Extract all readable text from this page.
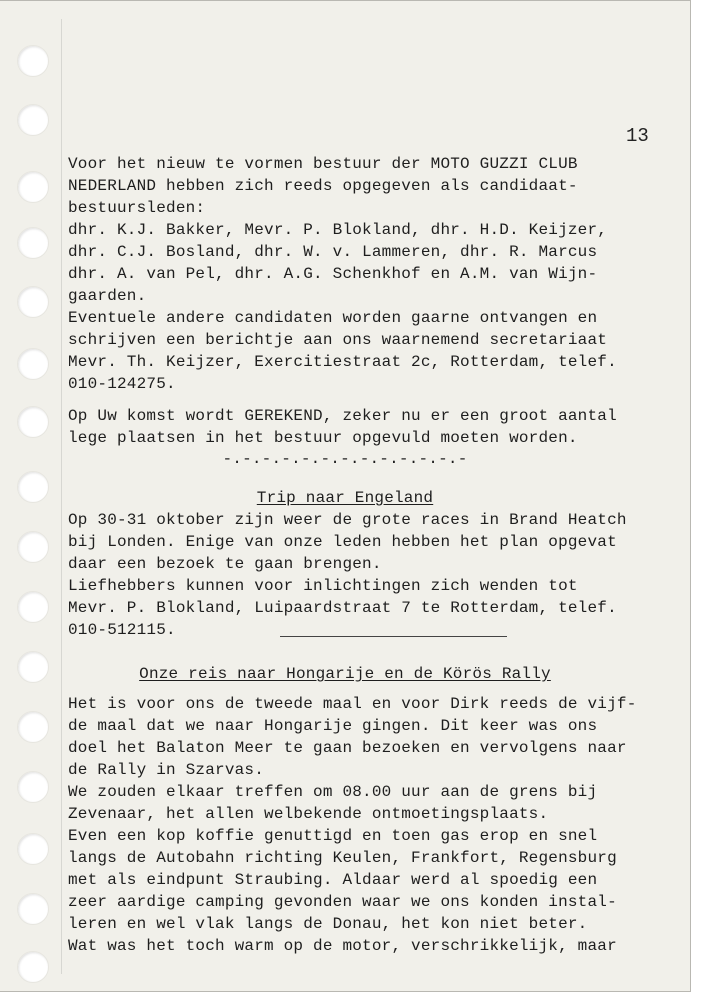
13
Voor het nieuw te vormen bestuur der MOTO GUZZI CLUB
NEDERLAND hebben zich reeds opgegeven als candidaat-
bestuursleden:
dhr. K.J. Bakker, Mevr. P. Blokland, dhr. H.D. Keijzer,
dhr. C.J. Bosland, dhr. W. v. Lammeren, dhr. R. Marcus
dhr. A. van Pel, dhr. A.G. Schenkhof en A.M. van Wijn-
gaarden.
Eventuele andere candidaten worden gaarne ontvangen en
schrijven een berichtje aan ons waarnemend secretariaat
Mevr. Th. Keijzer, Exercitiestraat 2c, Rotterdam, telef.
010-124275.
Op Uw komst wordt GEREKEND, zeker nu er een groot aantal
lege plaatsen in het bestuur opgevuld moeten worden.
-.-.-.-.-.-.-.-.-.-.-.-.-
Trip naar Engeland
Op 30-31 oktober zijn weer de grote races in Brand Heatch
bij Londen. Enige van onze leden hebben het plan opgevat
daar een bezoek te gaan brengen.
Liefhebbers kunnen voor inlichtingen zich wenden tot
Mevr. P. Blokland, Luipaardstraat 7 te Rotterdam, telef.
010-512115.
Onze reis naar Hongarije en de Körös Rally
Het is voor ons de tweede maal en voor Dirk reeds de vijf-
de maal dat we naar Hongarije gingen. Dit keer was ons
doel het Balaton Meer te gaan bezoeken en vervolgens naar
de Rally in Szarvas.
We zouden elkaar treffen om 08.00 uur aan de grens bij
Zevenaar, het allen welbekende ontmoetingsplaats.
Even een kop koffie genuttigd en toen gas erop en snel
langs de Autobahn richting Keulen, Frankfort, Regensburg
met als eindpunt Straubing. Aldaar werd al spoedig een
zeer aardige camping gevonden waar we ons konden instal-
leren en wel vlak langs de Donau, het kon niet beter.
Wat was het toch warm op de motor, verschrikkelijk, maar
